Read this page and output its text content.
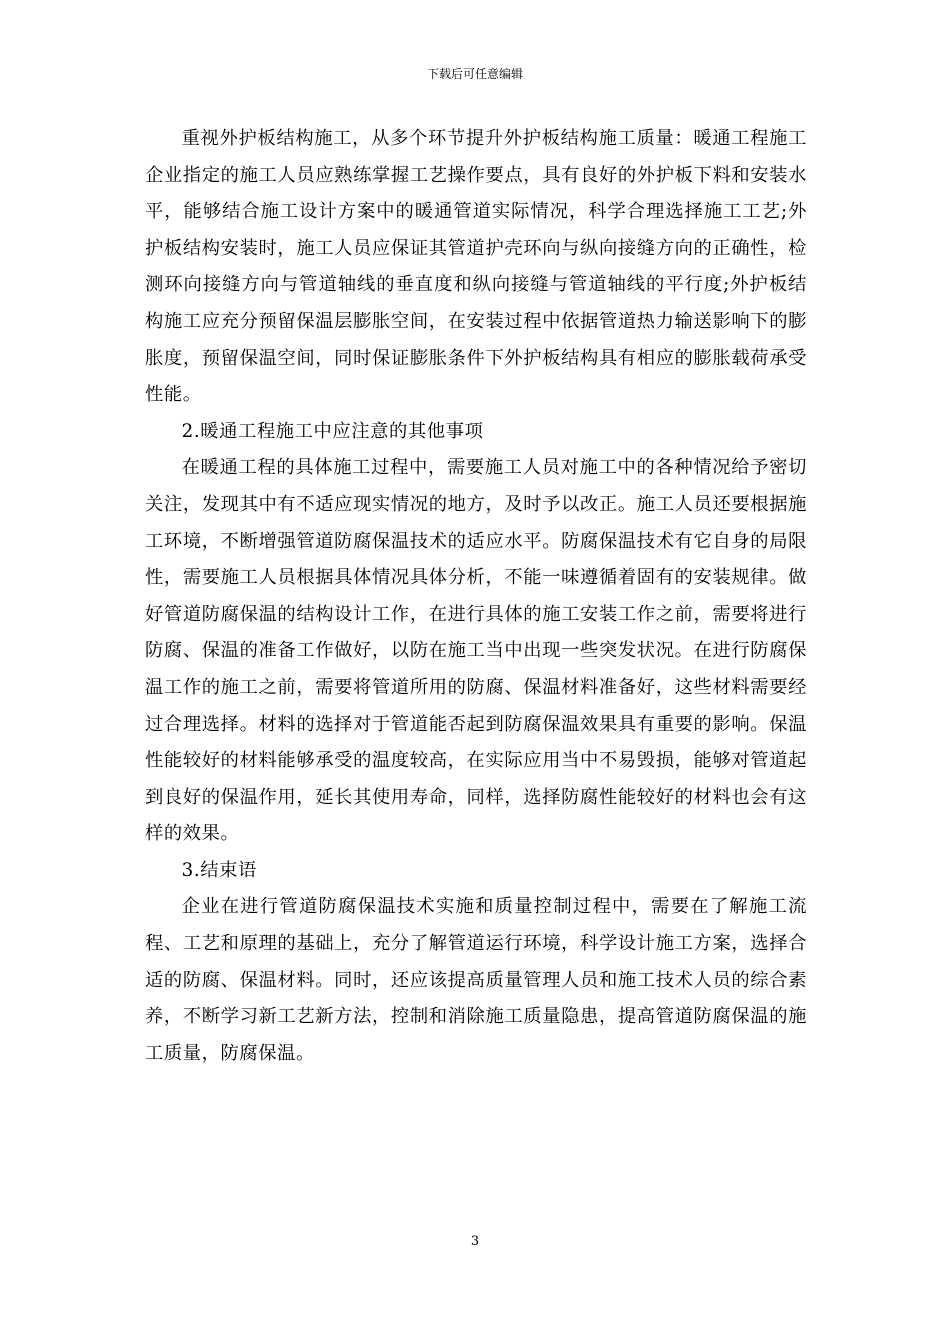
下载后可任意编辑

重视外护板结构施工，从多个环节提升外护板结构施工质量：暖通工程施工企业指定的施工人员应熟练掌握工艺操作要点，具有良好的外护板下料和安装水平，能够结合施工设计方案中的暖通管道实际情况，科学合理选择施工工艺;外护板结构安装时，施工人员应保证其管道护壳环向与纵向接缝方向的正确性，检测环向接缝方向与管道轴线的垂直度和纵向接缝与管道轴线的平行度;外护板结构施工应充分预留保温层膨胀空间，在安装过程中依据管道热力输送影响下的膨胀度，预留保温空间，同时保证膨胀条件下外护板结构具有相应的膨胀载荷承受性能。

2.暖通工程施工中应注意的其他事项

在暖通工程的具体施工过程中，需要施工人员对施工中的各种情况给予密切关注，发现其中有不适应现实情况的地方，及时予以改正。施工人员还要根据施工环境，不断增强管道防腐保温技术的适应水平。防腐保温技术有它自身的局限性，需要施工人员根据具体情况具体分析，不能一味遵循着固有的安装规律。做好管道防腐保温的结构设计工作，在进行具体的施工安装工作之前，需要将进行防腐、保温的准备工作做好，以防在施工当中出现一些突发状况。在进行防腐保温工作的施工之前，需要将管道所用的防腐、保温材料准备好，这些材料需要经过合理选择。材料的选择对于管道能否起到防腐保温效果具有重要的影响。保温性能较好的材料能够承受的温度较高，在实际应用当中不易毁损，能够对管道起到良好的保温作用，延长其使用寿命，同样，选择防腐性能较好的材料也会有这样的效果。

3.结束语

企业在进行管道防腐保温技术实施和质量控制过程中，需要在了解施工流程、工艺和原理的基础上，充分了解管道运行环境，科学设计施工方案，选择合适的防腐、保温材料。同时，还应该提高质量管理人员和施工技术人员的综合素养，不断学习新工艺新方法，控制和消除施工质量隐患，提高管道防腐保温的施工质量，防腐保温。

3
